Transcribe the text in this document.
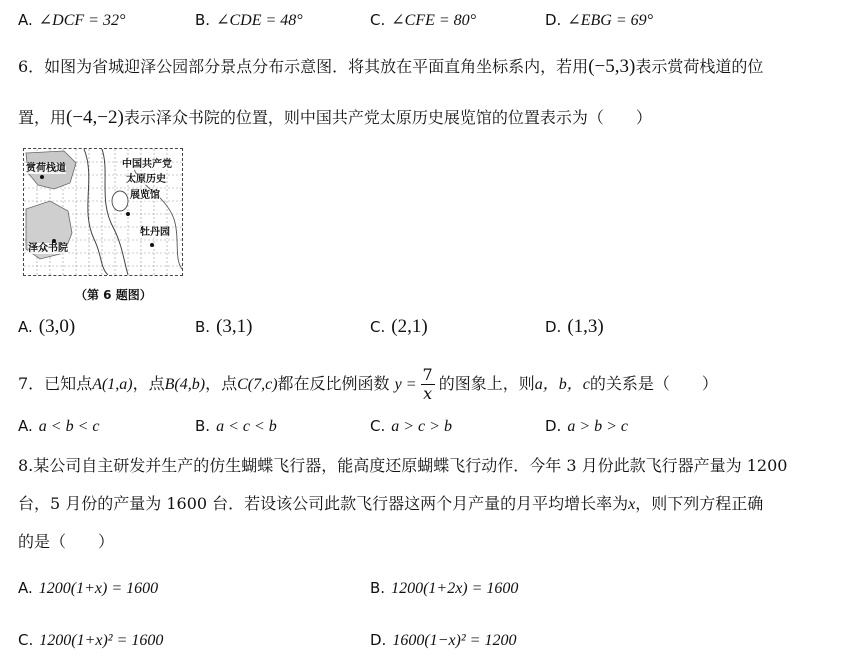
A. ∠DCF = 32°	B. ∠CDE = 48°	C. ∠CFE = 80°	D. ∠EBG = 69°
6．如图为省城迎泽公园部分景点分布示意图．将其放在平面直角坐标系内，若用(−5,3)表示赏荷栈道的位
置，用(−4,−2)表示泽众书院的位置，则中国共产党太原历史展览馆的位置表示为（　　）
赏荷栈道	中国共产党
太原历史
展览馆
泽众书院
牡丹园
（第 6 题图）
A. (3,0)	B. (3,1)	C. (2,1)	D. (1,3)
7．已知点A(1,a)，点B(4,b)，点C(7,c)都在反比例函数 $y = \frac{7}{x}$ 的图象上，则a，b，c的关系是（　　）
A. a < b < c	B. a < c < b	C. a > c > b	D. a > b > c
8.某公司自主研发并生产的仿生蝴蝶飞行器，能高度还原蝴蝶飞行动作．今年 3 月份此款飞行器产量为 1200
台，5 月份的产量为 1600 台．若设该公司此款飞行器这两个月产量的月平均增长率为x，则下列方程正确
的是（　　）
A. 1200(1+x) = 1600	B. 1200(1+2x) = 1600
C. 1200(1+x)² = 1600	D. 1600(1−x)² = 1200
